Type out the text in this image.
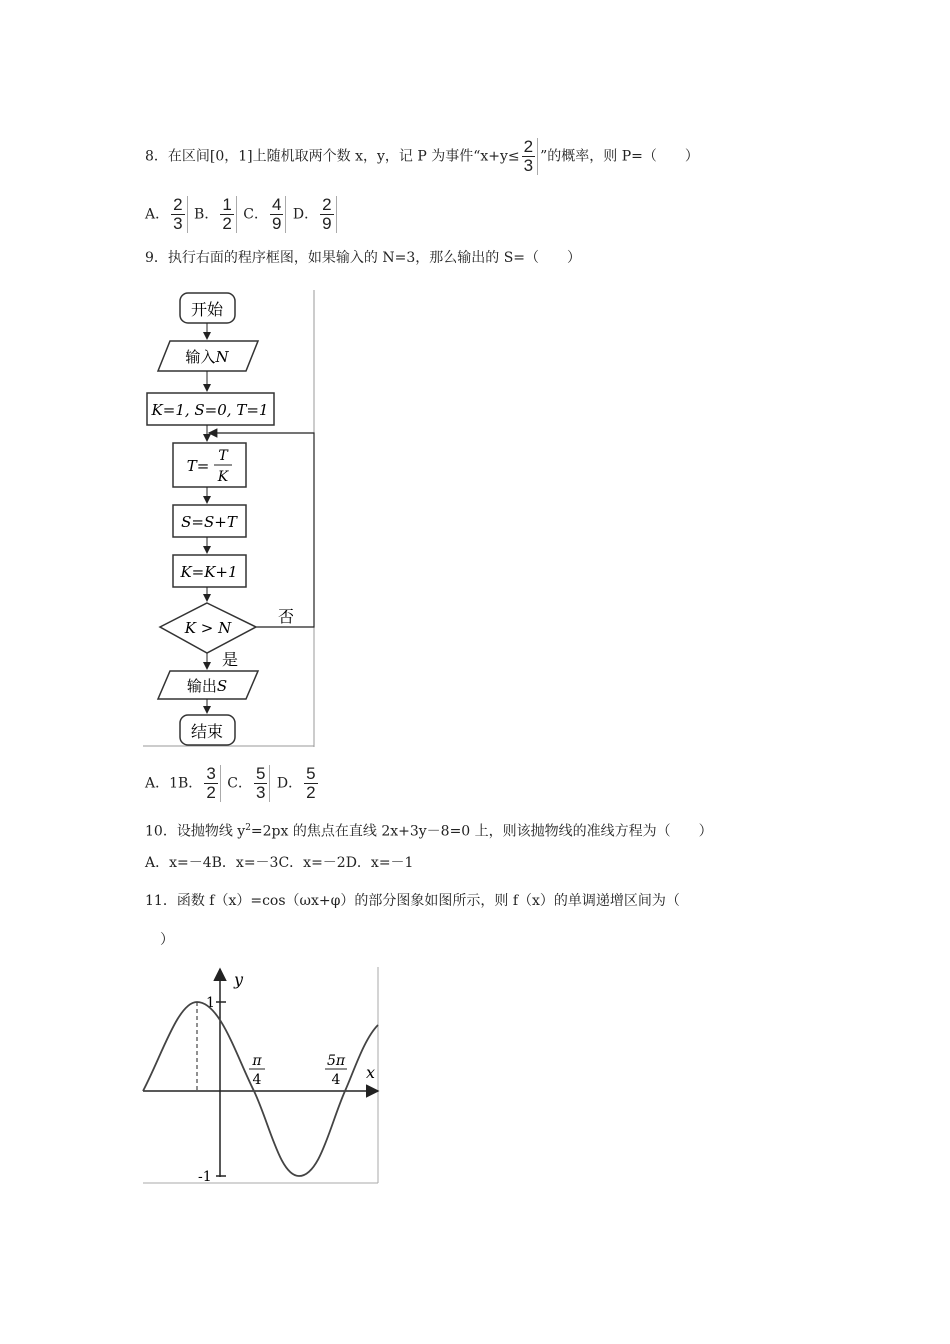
8．在区间[0，1]上随机取两个数 x，y，记 P 为事件“$x+y\le \frac{2}{3}$ ”的概率，则 P=（　　）
A． $\frac{2}{3}$ B． $\frac{1}{2}$ C． $\frac{4}{9}$ D． $\frac{2}{9}$
9．执行右面的程序框图，如果输入的 N=3，那么输出的 S=（　　）
开始
输入N
K=1, S=0, T=1
T=
T
K
S=S+T
K=K+1
K > N
否
是
输出S
结束
A．1B． $\frac{3}{2}$ C． $\frac{5}{3}$ D． $\frac{5}{2}$
10．设抛物线 $y^2=2px$ 的焦点在直线 2x+3y－8=0 上，则该抛物线的准线方程为（　　）
A．x=－4B．x=－3C．x=－2D．x=－1
11．函数 f（x）=cos（ωx+φ）的部分图象如图所示，则 f（x）的单调递增区间为（
）
y
x
1
-1
π
4
5π
4
